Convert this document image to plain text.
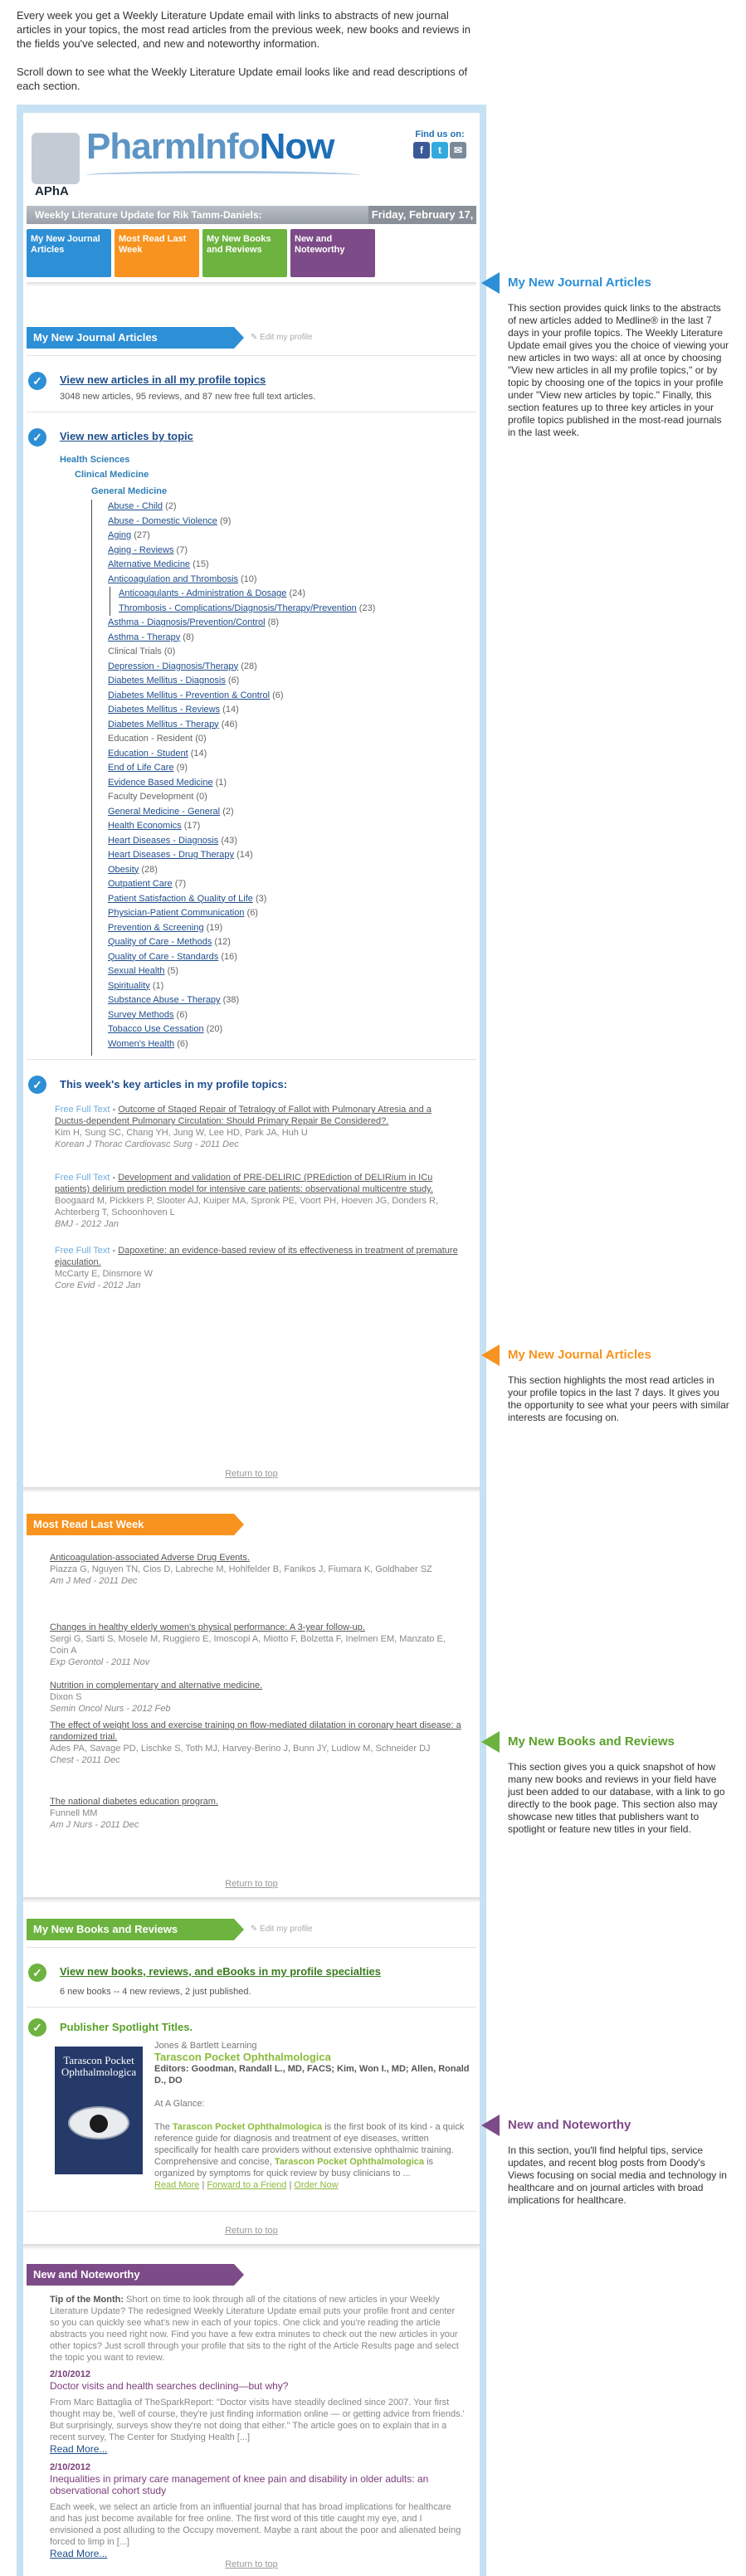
Every week you get a Weekly Literature Update email with links to abstracts of new journal articles in your topics, the most read articles from the previous week, new books and reviews in the fields you've selected, and new and noteworthy information.

Scroll down to see what the Weekly Literature Update email looks like and read descriptions of each section.

APhA
PharmInfoNow	Find us on:
f t ✉
Weekly Literature Update for Rik Tamm-Daniels:	Friday, February 17, 2012
My New Journal Articles
Most Read Last Week
My New Books and Reviews
New and Noteworthy
My New Journal Articles	✎ Edit my profile
✓	View new articles in all my profile topics
3048 new articles, 95 reviews, and 87 new free full text articles.
✓	View new articles by topic
Health Sciences
Clinical Medicine
General Medicine
Abuse - Child (2)
Abuse - Domestic Violence (9)
Aging (27)
Aging - Reviews (7)
Alternative Medicine (15)
Anticoagulation and Thrombosis (10)
Anticoagulants - Administration & Dosage (24)
Thrombosis - Complications/Diagnosis/Therapy/Prevention (23)
Asthma - Diagnosis/Prevention/Control (8)
Asthma - Therapy (8)
Clinical Trials (0)
Depression - Diagnosis/Therapy (28)
Diabetes Mellitus - Diagnosis (6)
Diabetes Mellitus - Prevention & Control (6)
Diabetes Mellitus - Reviews (14)
Diabetes Mellitus - Therapy (46)
Education - Resident (0)
Education - Student (14)
End of Life Care (9)
Evidence Based Medicine (1)
Faculty Development (0)
General Medicine - General (2)
Health Economics (17)
Heart Diseases - Diagnosis (43)
Heart Diseases - Drug Therapy (14)
Obesity (28)
Outpatient Care (7)
Patient Satisfaction & Quality of Life (3)
Physician-Patient Communication (6)
Prevention & Screening (19)
Quality of Care - Methods (12)
Quality of Care - Standards (16)
Sexual Health (5)
Spirituality (1)
Substance Abuse - Therapy (38)
Survey Methods (6)
Tobacco Use Cessation (20)
Women's Health (6)
✓	This week's key articles in my profile topics:
Free Full Text - Outcome of Staged Repair of Tetralogy of Fallot with Pulmonary Atresia and a Ductus-dependent Pulmonary Circulation: Should Primary Repair Be Considered?.
Kim H, Sung SC, Chang YH, Jung W, Lee HD, Park JA, Huh U
Korean J Thorac Cardiovasc Surg - 2011 Dec
Free Full Text - Development and validation of PRE-DELIRIC (PREdiction of DELIRium in ICu patients) delirium prediction model for intensive care patients: observational multicentre study.
Boogaard M, Pickkers P, Slooter AJ, Kuiper MA, Spronk PE, Voort PH, Hoeven JG, Donders R, Achterberg T, Schoonhoven L
BMJ - 2012 Jan
Free Full Text - Dapoxetine: an evidence-based review of its effectiveness in treatment of premature ejaculation.
McCarty E, Dinsmore W
Core Evid - 2012 Jan
Return to top
Most Read Last Week
Anticoagulation-associated Adverse Drug Events.
Piazza G, Nguyen TN, Cios D, Labreche M, Hohlfelder B, Fanikos J, Fiumara K, Goldhaber SZ
Am J Med - 2011 Dec
Changes in healthy elderly women's physical performance: A 3-year follow-up.
Sergi G, Sarti S, Mosele M, Ruggiero E, Imoscopi A, Miotto F, Bolzetta F, Inelmen EM, Manzato E, Coin A
Exp Gerontol - 2011 Nov
Nutrition in complementary and alternative medicine.
Dixon S
Semin Oncol Nurs - 2012 Feb
The effect of weight loss and exercise training on flow-mediated dilatation in coronary heart disease: a randomized trial.
Ades PA, Savage PD, Lischke S, Toth MJ, Harvey-Berino J, Bunn JY, Ludlow M, Schneider DJ
Chest - 2011 Dec
The national diabetes education program.
Funnell MM
Am J Nurs - 2011 Dec
Return to top
My New Books and Reviews	✎ Edit my profile
✓	View new books, reviews, and eBooks in my profile specialties
6 new books -- 4 new reviews, 2 just published.
✓	Publisher Spotlight Titles.
Tarascon Pocket Ophthalmologica
Jones & Bartlett Learning
Tarascon Pocket Ophthalmologica
Editors: Goodman, Randall L., MD, FACS; Kim, Won I., MD; Allen, Ronald D., DO
At A Glance:
The Tarascon Pocket Ophthalmologica is the first book of its kind - a quick reference guide for diagnosis and treatment of eye diseases, written specifically for health care providers without extensive ophthalmic training. Comprehensive and concise, Tarascon Pocket Ophthalmologica is organized by symptoms for quick review by busy clinicians to ...
Read More | Forward to a Friend | Order Now
Return to top
New and Noteworthy
Tip of the Month: Short on time to look through all of the citations of new articles in your Weekly Literature Update? The redesigned Weekly Literature Update email puts your profile front and center so you can quickly see what's new in each of your topics. One click and you're reading the article abstracts you need right now. Find you have a few extra minutes to check out the new articles in your other topics? Just scroll through your profile that sits to the right of the Article Results page and select the topic you want to review.
2/10/2012
Doctor visits and health searches declining—but why?
From Marc Battaglia of TheSparkReport: "Doctor visits have steadily declined since 2007. Your first thought may be, 'well of course, they're just finding information online — or getting advice from friends.' But surprisingly, surveys show they're not doing that either." The article goes on to explain that in a recent survey, The Center for Studying Health [...]
Read More...
2/10/2012
Inequalities in primary care management of knee pain and disability in older adults: an observational cohort study
Each week, we select an article from an influential journal that has broad implications for healthcare and has just become available for free online. The first word of this title caught my eye, and I envisioned a post alluding to the Occupy movement. Maybe a rant about the poor and alienated being forced to limp in [...]
Read More...
Return to top
My New Journal Articles
This section provides quick links to the abstracts of new articles added to Medline® in the last 7 days in your profile topics. The Weekly Literature Update email gives you the choice of viewing your new articles in two ways: all at once by choosing "View new articles in all my profile topics," or by topic by choosing one of the topics in your profile under "View new articles by topic." Finally, this section features up to three key articles in your profile topics published in the most-read journals in the last week.
My New Journal Articles
This section highlights the most read articles in your profile topics in the last 7 days. It gives you the opportunity to see what your peers with similar interests are focusing on.
My New Books and Reviews
This section gives you a quick snapshot of how many new books and reviews in your field have just been added to our database, with a link to go directly to the book page. This section also may showcase new titles that publishers want to spotlight or feature new titles in your field.
New and Noteworthy
In this section, you'll find helpful tips, service updates, and recent blog posts from Doody's Views focusing on social media and technology in healthcare and on journal articles with broad implications for healthcare.
